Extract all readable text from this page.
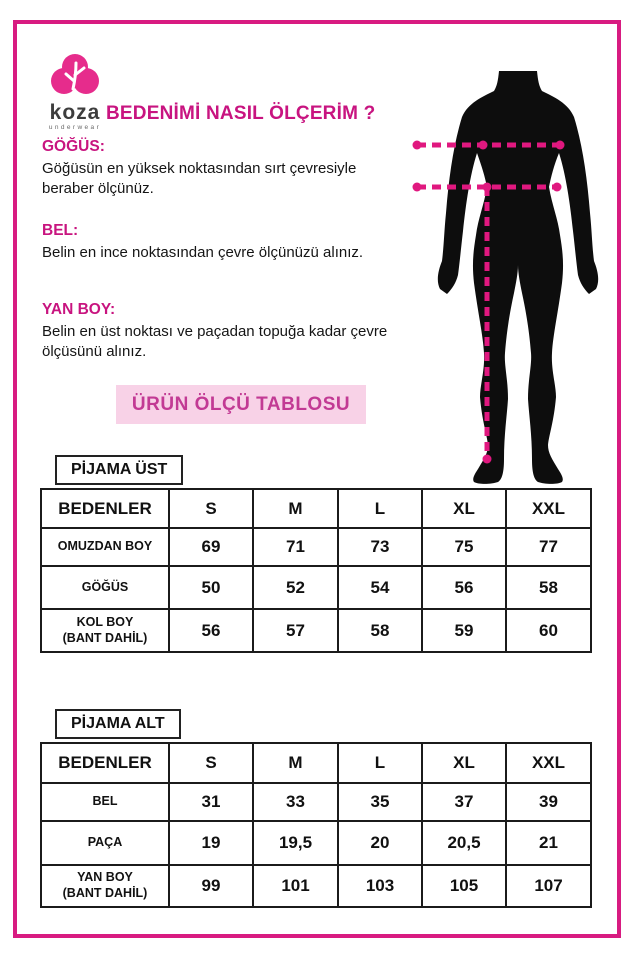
koza
underwear
BEDENİMİ NASIL ÖLÇERİM ?
GÖĞÜS:
Göğüsün en yüksek noktasından sırt çevresiyle beraber ölçünüz.
BEL:
Belin en ince noktasından çevre ölçünüzü alınız.
YAN BOY:
Belin en üst noktası ve paçadan topuğa kadar çevre ölçüsünü alınız.
ÜRÜN ÖLÇÜ TABLOSU
PİJAMA ÜST
BEDENLER	S	M	L	XL	XXL
OMUZDAN BOY	69	71	73	75	77
GÖĞÜS	50	52	54	56	58

KOL BOY
(BANT DAHİL)	56	57	58	59	60
PİJAMA ALT
BEDENLER	S	M	L	XL	XXL
BEL	31	33	35	37	39
PAÇA	19	19,5	20	20,5	21

YAN BOY
(BANT DAHİL)	99	101	103	105	107
